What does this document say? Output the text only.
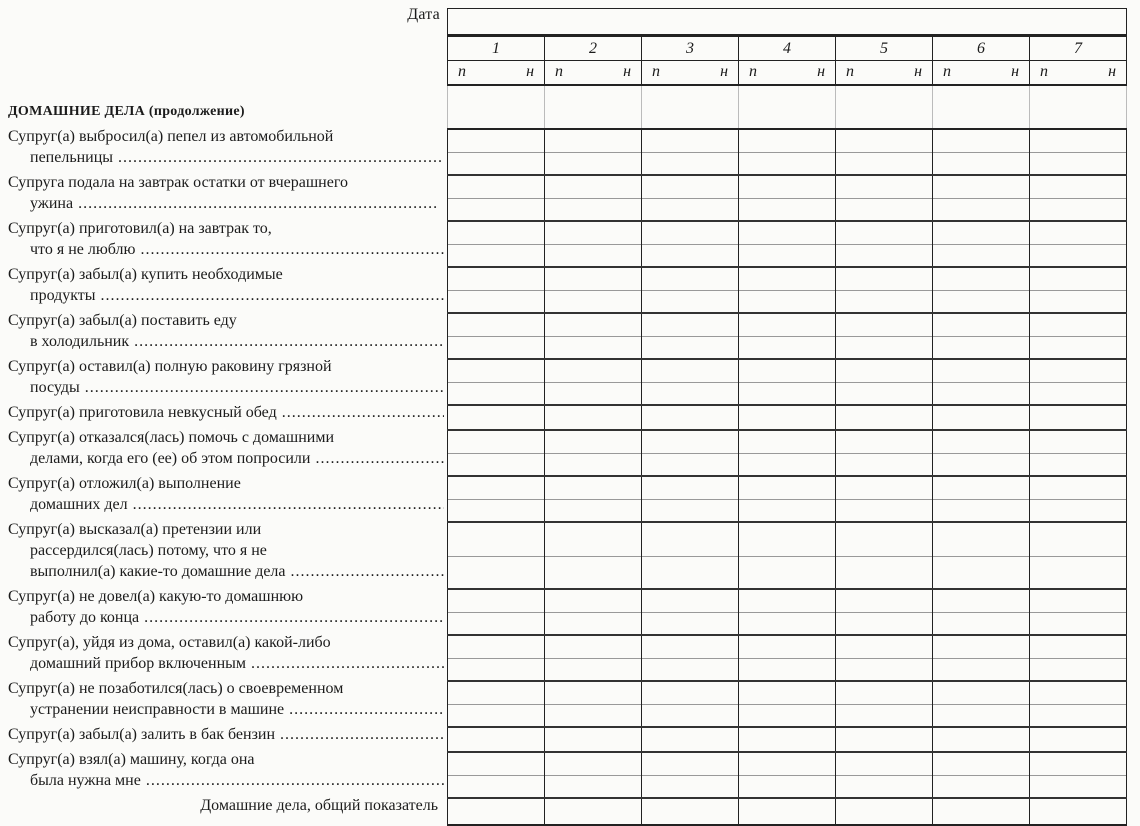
Дата
1	2	3	4	5	6	7
п	н п	н п	н п	н п	н п	н п	н
ДОМАШНИЕ ДЕЛА (продолжение)
Супруг(а) выбросил(а) пепел из автомобильной
пепельницы .....
Супруга подала на завтрак остатки от вчерашнего
ужина .....
Супруг(а) приготовил(а) на завтрак то,
что я не люблю .....
Супруг(а) забыл(а) купить необходимые
продукты .....
Супруг(а) забыл(а) поставить еду
в холодильник .....
Супруг(а) оставил(а) полную раковину грязной
посуды .....
Супруг(а) приготовила невкусный обед .....
Супруг(а) отказался(лась) помочь с домашними
делами, когда его (ее) об этом попросили .....
Супруг(а) отложил(а) выполнение
домашних дел .....
Супруг(а) высказал(а) претензии или
рассердился(лась) потому, что я не
выполнил(а) какие-то домашние дела .....
Супруг(а) не довел(а) какую-то домашнюю
работу до конца .....
Супруг(а), уйдя из дома, оставил(а) какой-либо
домашний прибор включенным .....
Супруг(а) не позаботился(лась) о своевременном
устранении неисправности в машине .....
Супруг(а) забыл(а) залить в бак бензин .....
Супруг(а) взял(а) машину, когда она
была нужна мне .....
Домашние дела, общий показатель
